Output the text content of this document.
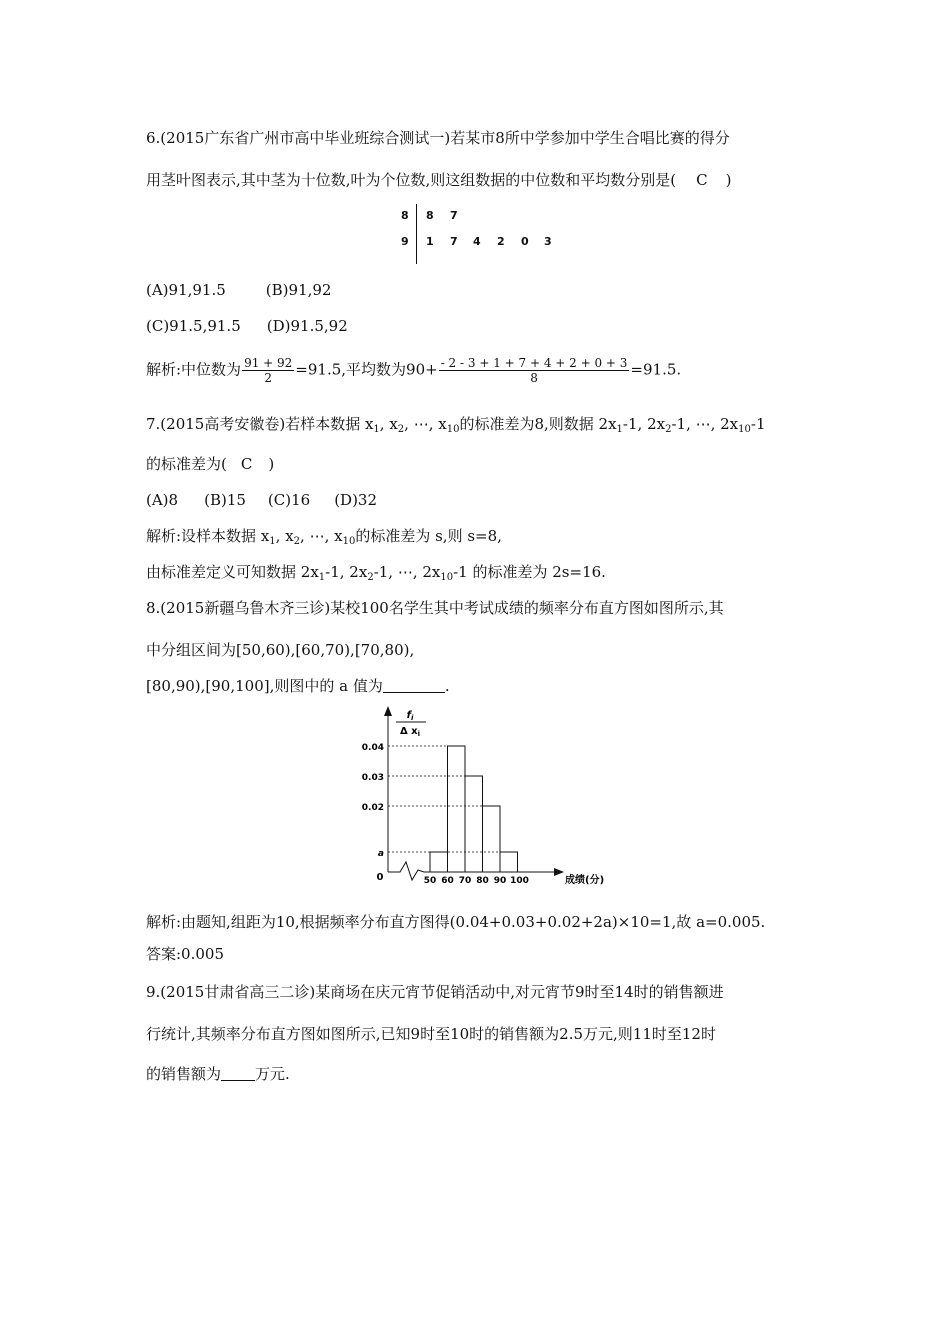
6.(2015广东省广州市高中毕业班综合测试一)若某市8所中学参加中学生合唱比赛的得分
用茎叶图表示,其中茎为十位数,叶为个位数,则这组数据的中位数和平均数分别是( C )
8 8 7
9 1 7 4 2 0 3
(A)91,91.5	(B)91,92
(C)91.5,91.5 (D)91.5,92
解析:中位数为 $\frac{91 + 92}{2} =91.5$,平均数为$90+ \frac{- 2 - 3 + 1 + 7 + 4 + 2 + 0 + 3}{8} =91.5$.
7.(2015高考安徽卷)若样本数据 $x_1$, $x_2$, ⋯, $x_{10}$的标准差为8,则数据 $2x_1-1$, $2x_2-1$, ⋯, $2x_{10}-1$
的标准差为( C )
(A)8 (B)15 (C)16 (D)32
解析:设样本数据 $x_1$, $x_2$, ⋯, $x_{10}$的标准差为 s,则 s=8,
由标准差定义可知数据 $2x_1-1$, $2x_2-1$, ⋯, $2x_{10}-1$ 的标准差为 2s=16.
8.(2015新疆乌鲁木齐三诊)某校100名学生其中考试成绩的频率分布直方图如图所示,其
中分组区间为[50,60),[60,70),[70,80),
[80,90),[90,100],则图中的 a 值为	.
a
0.02
0.03
0.04
50 60 70 80 90 100
$f_i$
Δ $x_i$
0	成绩(分)
解析:由题知,组距为10,根据频率分布直方图得(0.04+0.03+0.02+2a)×10=1,故 a=0.005.
答案:0.005
9.(2015甘肃省高三二诊)某商场在庆元宵节促销活动中,对元宵节9时至14时的销售额进
行统计,其频率分布直方图如图所示,已知9时至10时的销售额为2.5万元,则11时至12时
的销售额为 万元.
